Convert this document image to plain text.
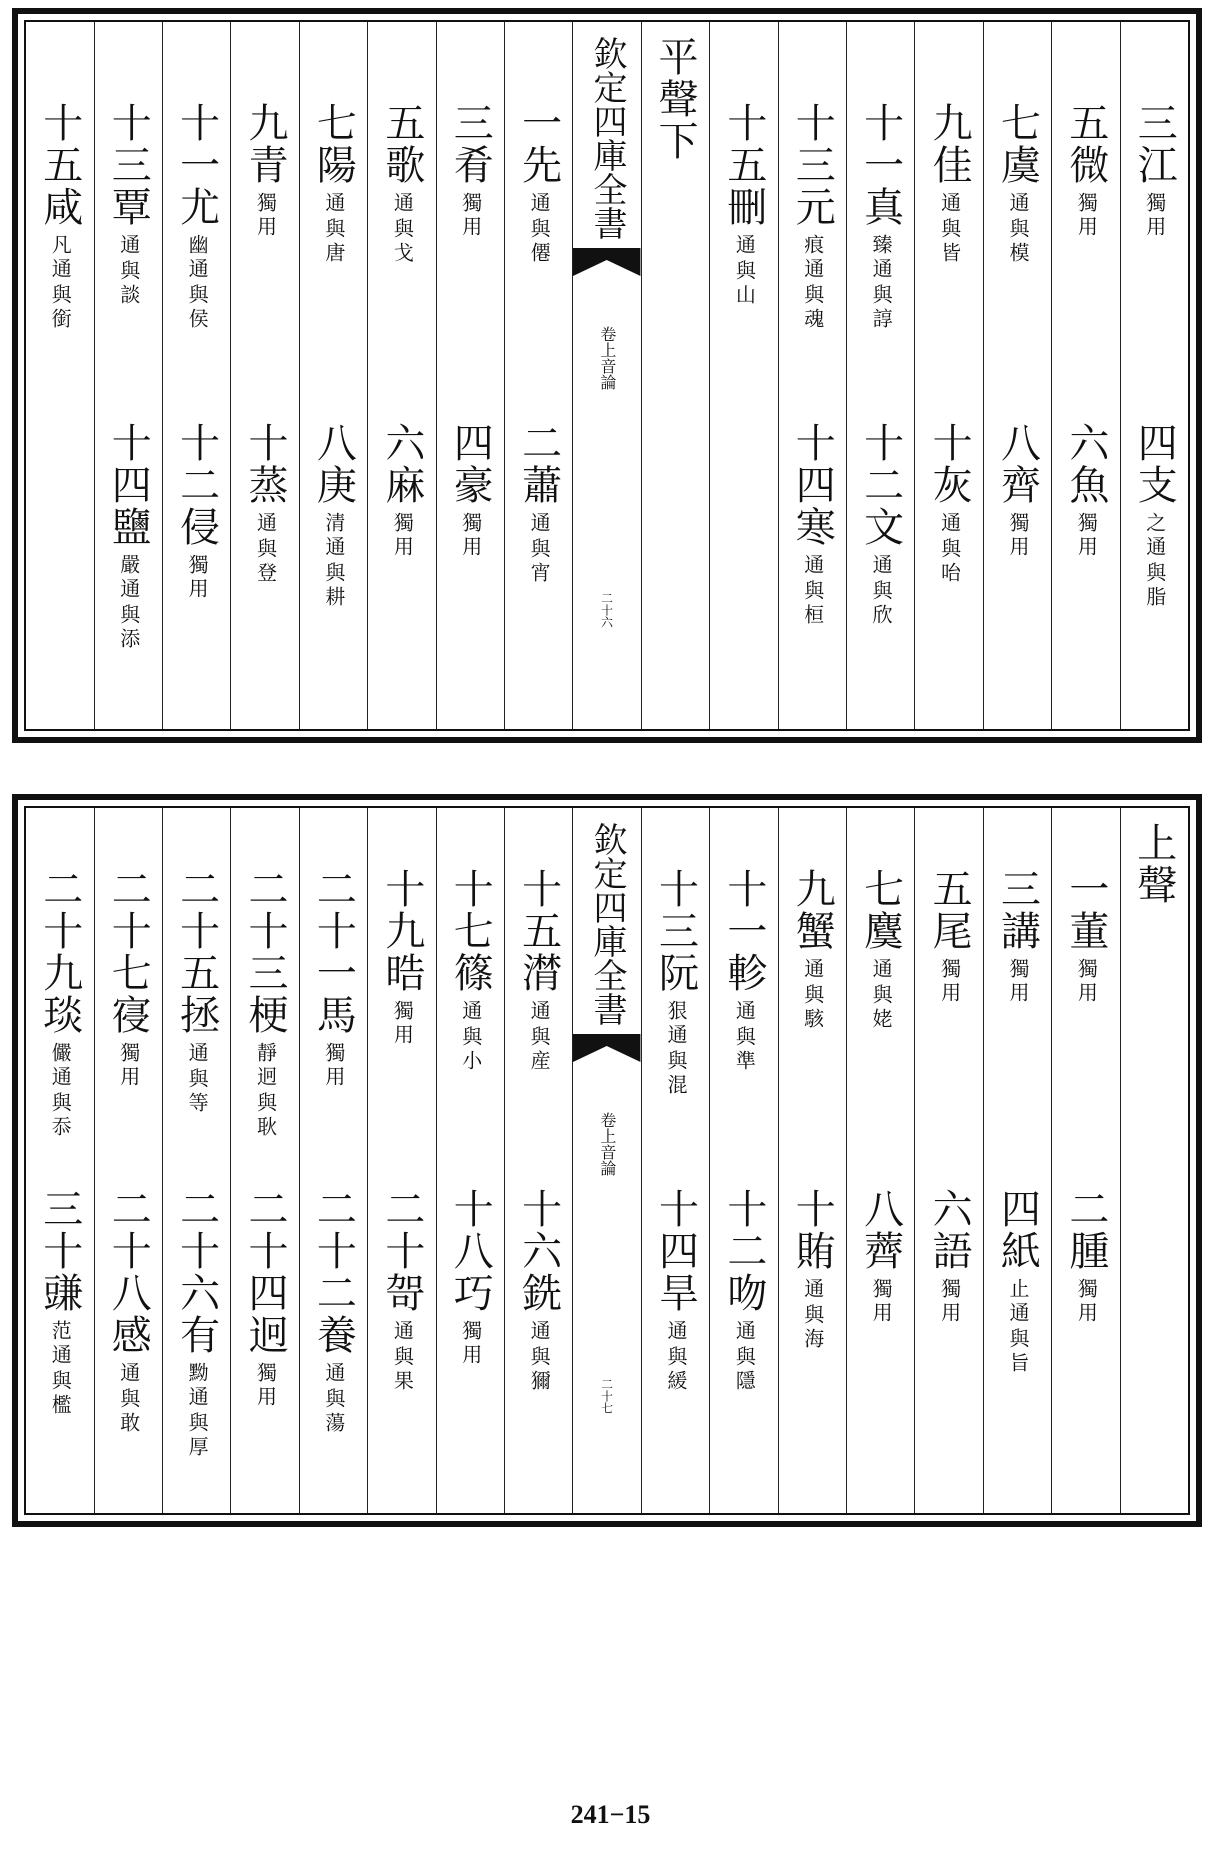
三江
獨用
四支
與脂
之通
五微
獨用
六魚
獨用
七虞
與模
通
八齊
獨用
九佳
與皆
通
十灰
與咍
通
十一真
與諄
臻通
十二文
與欣
通
十三元
與魂
痕通
十四寒
與桓
通
十五刪
與山
通
平聲下
欽定四庫全書
音論
卷上
二十六
一先
與僊
通
二蕭
與宵
通
三肴
獨用
四豪
獨用
五歌
與戈
通
六麻
獨用
七陽
與唐
通
八庚
與耕
清通
九青
獨用
十蒸
與登
通
十一尤
與侯
幽通
十二侵
獨用
十三覃
與談
通
十四鹽
與添
嚴通
十五咸
與銜
凡通
上聲
一董
獨用
二腫
獨用
三講
獨用
四紙
與旨
止通
五尾
獨用
六語
獨用
七麌
與姥
通
八薺
獨用
九蟹
與駭
通
十賄
與海
通
十一軫
與準
通
十二吻
與隱
通
十三阮
與混
狠通
十四旱
與緩
通
欽定四庫全書
音論
卷上
二十七
十五潸
與産
通
十六銑
與獮
通
十七篠
與小
通
十八巧
獨用
十九晧
獨用
二十哿
與果
通
二十一馬
獨用
二十二養
與蕩
通
二十三梗
與耿
靜迥
二十四迥
獨用
二十五拯
與等
通
二十六有
與厚
黝通
二十七寑
獨用
二十八感
與敢
通
二十九琰
與忝
儼通
三十豏
與檻
范通
241−15
